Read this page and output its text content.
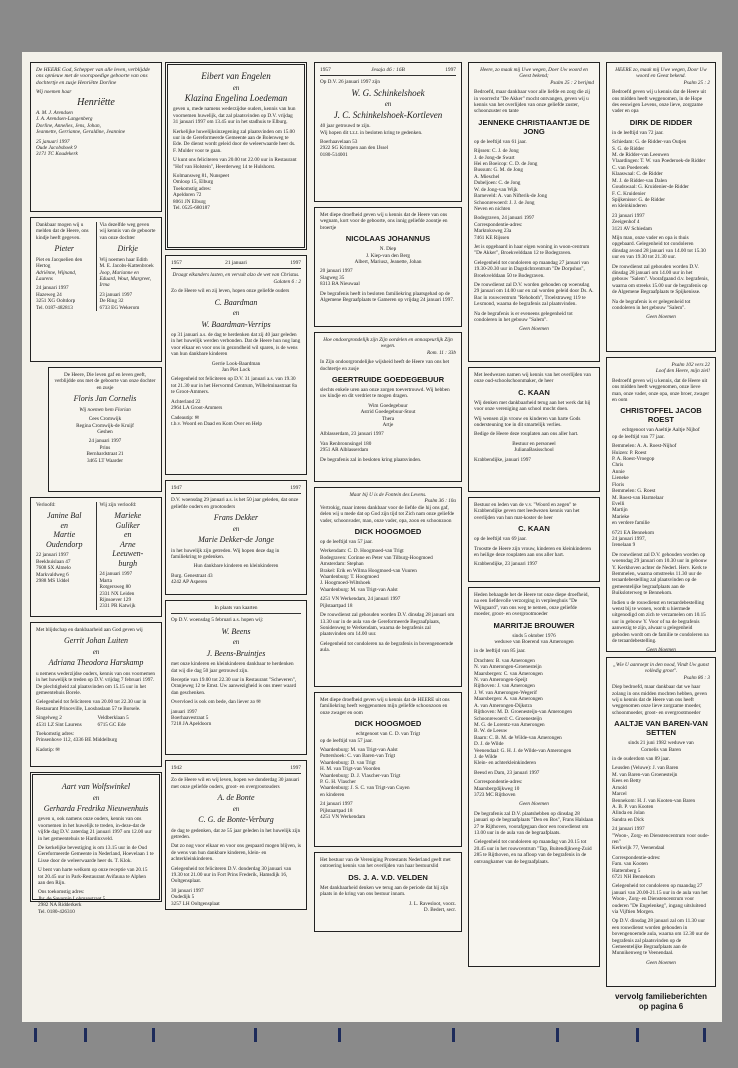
De HEERE God, Schepper van alle leven, verblijdde ons opnieuw met de voorspoedige geboorte van ons dochtertje en zusje Henriëtte Dorline
Wij noemen haar
Henriëtte
A. M. J. Arendsen
J. A. Arendsen-Langenberg
Dorline, Annelies, Jens, Johan,
Jeannette, Gerrianne, Geraldine, Jeannine
25 januari 1997
Oude Jacobshoek 9
3171 TC Koudekerk
Dankbaar mogen wij u melden dat de Heere, ons kindje heeft gegeven.
Pieter
Piet en Jacquelien den Hertog
Adriënne, Wijnand, Laurens
24 januari 1997
Hazeweg 24
3251 XG Ooltdorp
Tel. 0187-482813
Via dezelfde weg geven wij kennis van de geboorte van onze dochter
Dirkje
Wij noemen haar Edith
M. E. Jacobs-Kattenbroek
Joop, Marianne en Eduard, Wout, Margreet, Irma
23 januari 1997
De Ring 32
6733 EG Wekerom
De Heere, Die leven gaf en leven geeft, verblijdde ons met de geboorte van onze dochter en zusje
Floris Jan Cornelis
Wij noemen hem Florian
Cees Cromwijk
Regina Cromwijk-de Kruijf
Geshen
24 januari 1997
Prins
Bernhardstraat 21
3465 LT Waarder
Verloofd:
Janine Bal
en
Martie
Oudendorp
22 januari 1997
Beekhuislaan 47
7608 SX Almelo
Markvaldweg 6
2988 MS Uddel
Wij zijn verloofd:
Marieke
Guliker
en
Arne
Leeuwen-
burgh
24 januari 1997
Marta
Rotgersweg 80
2331 NX Leiden
Rijnsoever 129
2331 PR Katwijk
Met blijdschap en dankbaarheid aan God geven wij
Gerrit Johan Luiten
en
Adriana Theodora Harskamp
u nemens wederzijdse ouders, kennis van ons voornemen in het huwelijk te treden op D.V. vrijdag 7 februari 1997. De plechtigheid zal plaatsvinden om 15.15 uur in het gemeentehuis Borele.
Gelegenheid tot feliciteren van 20.00 tot 22.30 uur in Restaurant Princeville, Loosbaslaan 57 te Borsele.
Singelweg 2
4531 LZ Sint Laurens
Veldberklaan 5
6715 GC Ede
Toekomstig adres:
Prinsenhove 112, 4336 BE Middelburg
Kadotip: ✉
Aart van Wolfswinkel
en
Gerharda Fredrika Nieuwenhuis
geven u, ook namens onze ouders, kennis van ons voornemen in het huwelijk te treden, in-deze-dat de vijfde dag D.V. zaterdag 21 januari 1997 om 12.00 uur in het gemeentehuis te Hardinxveld.
De kerkelijke bevestiging is om 13.15 uur in de Oud Gereformeerde Gemeente in Nederland, Hoevelaan 1 te Lisse door de weleerwaarde heer ds. T. Klok.
U bent van harte welkom op onze receptie van 20.15 tot 20.45 uur in Park-Restaurant Avifauna te Alphen aan den Rijn.
Ons toekomstig adres:
Jhr. de Savornin Lohmanstraat 5
2982 NA Ridderkerk
Tel. 0180-426310
Eibert van Engelen
en
Klazina Engelina Loedeman
geven u, mede namens wederzijdse ouders, kennis van hun voornemen huwelijk, dat zal plaatsvinden op D.V. vrijdag 31 januari 1997 om 13.45 uur in het stadhuis te Elburg.
Kerkelijke huwelijksinzegening zal plaatsvinden om 15.00 uur in de Gereformeerde Gemeente aan de Bolenweg te Ede. De dienst wordt geleid door de weleerwaarde heer ds. F. Mulder voor te gaan.
U kunt ons feliciteren van 20.00 tot 22.00 uur in Restaurant "Hof van Holstein", Heerderweg 14 te Hulshorst.
Kolmansweg 81, Nunspeet
Omloop 15, Elburg
Toekomstig adres:
Apeldoren 72
8061 JN Elburg
Tel. 0525-680187
1957	21 januari	1997
Draagt elkanders lasten, en vervult alzo de wet van Christus.
Galaten 6 : 2
Zo de Heere wil en zij leven, hopen onze geliefde ouders
C. Baardman
en
W. Baardman-Verrips
op 31 januari a.s. de dag te herdenken dat zij 40 jaar geleden in het huwelijk werden verbonden. Dat de Heere hun nog lang voor elkaar en voor ons in gezondheid wil sparen, is de wens van hun dankbare kinderen
Gerrie Look-Baardman
Jan Piet Lock
Gelegenheid tot feliciteren op D.V. 31 januari a.s. van 19.30 tot 21.30 uur in het Hervormd Centrum, Wilhelminastraat 8a te Groot-Ammers.
Achterland 22
2964 LA Groot-Ammers
Cadeautip: ✉
t.b.v. Woord en Daad en Kom Over en Help
1947	1997
D.V. woensdag 29 januari a.s. is het 50 jaar geleden, dat onze geliefde ouders en grootouders
Frans Dekker
en
Marie Dekker-de Jonge
in het huwelijk zijn getreden. Wij hopen deze dag in familiekring te gedenken.
Hun dankbare kinderen en kleinkinderen
Burg. Genestraat 43
4242 AP Asperen
In plaats van kaarten
Op D.V. woensdag 5 februari a.s. hopen wij:
W. Beens
en
J. Beens-Bruintjes
met onze kinderen en kleinkinderen dankbaar te herdenken dat wij die dag 50 jaar getrouwd zijn.
Receptie van 19.00 tot 22.30 uur in Restaurant "Scheveren", Oranjeweg 12 te Emst. Uw aanwezigheid is ons meer waard dan geschenken.
Overvloed is ook om bede, dan liever zo ✉
januari 1997
Boerhaavestraat 5
7218 JA Apeldoorn
1942	1997
Zo de Heere wil en wij leven, hopen we donderdag 30 januari met onze geliefde ouders, groot- en overgrootouders
A. de Bonte
en
C. G. de Bonte-Verburg
de dag te gedenken, dat ze 55 jaar geleden in het huwelijk zijn getreden.
Dat zo nog voor elkaar en voor ons gespaard mogen blijven, is de wens van hun dankbare kinderen, klein- en achterkleinkinderen.
Gelegenheid tot feliciteren D.V. donderdag 30 januari van 19.30 tot 21.00 uur in Fort Prins Frederik, Hamsdijk 16, Ooltgensplaat.
30 januari 1997
Oudedijk 5
3257 LH Ooltgensplaat
1957	Jesaja 46 : 16B	1997
Op D.V. 26 januari 1997 zijn
W. G. Schinkelshoek
en
J. C. Schinkelshoek-Kortleven
40 jaar getrouwd te zijn.
Wij hopen dit t.z.t. in besloten kring te gedenken.
Boerhaavelaan 53
2922 SG Krimpen aan den IJssel
0180-514001
Met diepe droefheid geven wij u kennis dat de Heere van ons wegnam, kort voor de geboorte, ons innig geliefde zoontje en broertje
NICOLAAS JOHANNUS
N. Diep
J. Kiep-van den Berg
Albert, Mariusz, Jeanette, Johan
20 januari 1997
Slagweg 35
8313 BA Nieuwaal
De begrafenis heeft in besloten familiekring plaatsgehad op de Algemene Begraafplaats te Gameren op vrijdag 24 januari 1997.
Hoe ondoorgrondelijk zijn Zijn oordelen en onnaspeurlijk Zijn wegen.
Rom. 11 : 33b
In Zijn ondoorgrondelijke wijsheid heeft de Heere van ons het dochtertje en zusje
GEERTRUIDE GOEDEGEBUUR
slechts enkele uren aan onze zorgen toevertrouwd. Wij hebben uw kindje en dit verdriet te mogen dragen.
Wim Goedegebuur
Astrid Goedegebuur-Stout
Thera
Artje
Alblasserdam, 23 januari 1997
Van Renbronnsingel 180
2951 AR Alblasserdam
De begrafenis zal in besloten kring plaatsvinden.
Maar bij U is de Fontein des Levens.
Psalm 36 : 10a
Vertrokig, maar intens dankbaar voor de liefde die hij ons gaf, delen wij u mede dat op God zijn tijd tot Zich nam onze geliefde vader, schoonvader, man, onze vader, opa, zoon en schoonzoon
DICK HOOGMOED
op de leeftijd van 57 jaar.
Werkendam: C. D. Hoogmoed-van Trigt
Bodegraven: Corinne en Peter van Tilburg-Hoogmoed
Amsterdam: Stephan
Brakel: Erik en Wilma Hoogmoed-van Vuuren
Waardenburg: T. Hoogmoed
J. Hoogmoed-Wiltshoek
Waardenburg: M. van Trigt-van Aalst
4251 VN Werkendam, 24 januari 1997
Pijlstaartpad 18
De rouwdienst zal gehouden worden D.V. dinsdag 28 januari om 13.30 uur in de aula van de Gereformeerde Begraafplaats, Sonidenweg te Werkendam, waarna de begrafenis zal plaatsvinden om 14.00 uur.
Gelegenheid tot condoleren na de begrafenis in bovengenoemde aula.
Met diepe droefheid geven wij u kennis dat de HEERE uit ons familiekring heeft weggenomen mijn geliefde schoonzoon en onze zwager en oom
DICK HOOGMOED
echtgenoot van C. D. van Trigt
op de leeftijd van 57 jaar.
Waardenburg: M. van Trigt-van Aalst
Puttershoek: C. van Baren-van Trigt
Waardenburg: D. van Trigt
H. M. van Trigt-van Voorden
Waardenburg: D. J. Vlascher-van Trigt
P. G. H. Vlascher
Waardenburg: J. S. C. van Trigt-van Cuyen
en kinderen
24 januari 1997
Pijlstaartpad 18
4251 VN Werkendam
Het bestuur van de Vereniging Protestants Nederland geeft met ontroering kennis van het overlijden van haar bestuurslid
DS. J. A. V.D. VELDEN
Met dankbaarheid denken we terug aan de periode dat hij zijn plaats in de kring van ons bestuur innam.
J. L. Ravesloot, voorz.
D. Bedert, secr.
Heere, zo maak mij Uwe wegen, Doer Uw woord en Geest bekend;
Psalm 25 : 2 berijmd
Bedroefd, maar dankbaar voor alle liefde en zorg die zij in voorrecht "De Akker" mocht ontvangen, geven wij u kennis van het overlijden van onze geliefde zuster, schoonzuster en tante
JENNEKE CHRISTIAANTJE DE JONG
op de leeftijd van 61 jaar.
Rijssen: C. J. de Jong
J. de Jong-de Swart
Hei en Boeicop: C. D. de Jong
Bussum: G. M. de Jong
A. Mieschel
Dubeljoen: C. de Jong
W. de Jong-van Wijk
Barneveld: A. van Nifterik-de Jong
Schoonrewoerd: J. J. de Jong
Neven en nichten
Bodegraven, 24 januari 1997
Correspondentie-adres:
Marktoksweg 23a
7461 KE Rijssen
Jet is opgebaard in haar eigen woning in woon-centrum "De Akker", Broekvelddaan 12 te Bodegraven.
Gelegenheid tot condoleren op maandag 27 januari van 19.30-20.30 uur in Dagstichtcentrum "De Dorpshus", Broekvelddaan 50 te Bodegraven.
De rouwdienst zal D.V. worden gehouden op woensdag 29 januari om 14.00 uur en zal worden geleid door Ds. A. Bac in rouwcentrum "Rehoboth", Troelstraweg 119 te Lexmond, waarna de begrafenis zal plaatsvinden.
Na de begrafenis is er eveneens gelegenheid tot condoleren in het gebouw "Salem".
Geen bloemen
Met leedwezen namen wij kennis van het overlijden van onze oud-schoolschoonmaker, de heer
C. KAAN
Wij denken met dankbaarheid terug aan het werk dat hij voor onze vereniging aan school mocht doen.
Wij wensen zijn vrouw en kinderen van harte Gods ondersteuning toe in dit smartelijk verlies.
Bedige de Heere deze rouplaten aan ons aller hart.
Bestuur en personeel
JulianaBasisschool
Krabbendijke, januari 1997
Bestuur en leden van de v.v. "Woord en zegen" te Krabbendijke geven met leedwezen kennis van het overlijden van hun mat-koster de heer
C. KAAN
op de leeftijd van 69 jaar.
Troostte de Heere zijn vrouw, kinderen en kleinkinderen en heilige deze rouplaten aan ons aller hart.
Krabbendijke, 23 januari 1997
Heden behaagde het de Heere tot onze diepe droefheid, na een liefdevolle verzorging in verpleeghuis "De Wijngaard", van ons weg te nemen, onze geliefde moeder, groot- en overgrootmoeder
MARRITJE BROUWER
sinds 5 oktober 1976
weduwe van Boerend van Amerongen
in de leeftijd van 85 jaar.
Drachten: B. van Amerongen
N. van Amerongen-Groenesteijn
Maarsbergen: C. van Amerongen
N. van Amerongen-Speijt
Rijthoven: J. van Amerongen
J. W. van Amerongen-Wegerif
Maarsbergen: A. van Amerongen
A. van Amerongen-Dijkstra
Rijthoven: M. D. Groenesteijn-van Amerongen
Schoonrewoerd: C. Groenesteijn
M. G. de Lorentz-van Amerongen
B. W. de Leeuw
Baarn: C. B. M. de Wilde-van Amerongen
D. J. de Wilde
Veenendaal: G. H. J. de Wilde-van Amerongen
J. de Wilde
Klein- en achterkleinkinderen
Beesd en Dam, 23 januari 1997
Correspondentie-adres:
Maarsbergdijkweg 10
3723 MC Rijthoven
Geen bloemen
De begrafenis zal D.V. plaatshebben op dinsdag 28 januari op de begraafplaats "Den en Bos", Frans Halslaan 27 te Rijthoven, voorafgegaan door een rouwdienst om 13.00 uur in de aula van de begraafplaats.
Gelegenheid tot condoleren op maandag van 20.15 tot 20.45 uur in het rouwcentrum "Tap, Buitendijkweg-Zuid 285 te Rijthoven, en na afloop van de begrafenis in de ontvangkamer van de begraafplaats.
HEERE zo, maak mij Uwe wegen, Door Uw woord en Geest bekend.
Psalm 25 : 2
Bedroefd geven wij u kennis dat de Heere uit ons midden heeft weggenomen, in de Hope des eeuwigen Levens, onze lieve, zorgzame vader en opa
DIRK DE RIDDER
in de leeftijd van 72 jaar.
Schiedam: G. de Ridder-van Outjen
S. G. de Ridder
M. de Ridder-van Leeuwen
Vlaardingen: T. W. van Poederoek-de Ridder
C. van Poederoek
Klaaswaal: C. de Ridder
M. J. de Ridder-van Dalen
Goudswaal: G. Kruidenier-de Ridder
F. C. Kruidenier
Spijkenisse: G. de Ridder
en kleinkinderen
23 januari 1997
Zeeigenhof 4
3121 AV Schiedam
Mijn man, onze vader en opa is thuis opgebaard. Gelegenheid tot condoleren dinsdag avond 28 januari van 14.00 tot 15.30 uur en van 19.30 tot 21.30 uur.
De rouwdienst zal gehouden worden D.V. dinsdag 28 januari om 14.00 uur in het gebouw "Salem". Voorafgaand d.v. begrafenis, waarna om streeks 15.00 uur de begrafenis op de Algemene Begraafplaats te Spijkenisse.
Na de begrafenis is er gelegenheid tot condoleren in het gebouw "Salem".
Geen bloemen
Psalm 102 vers 22
Loof den Heere, mijn ziel!
Bedroefd geven wij u kennis, dat de Heere uit ons midden heeft weggenomen, onze lieve man, onze vader, onze opa, onze broer, zwager en oom
CHRISTOFFEL JACOB ROEST
echtgenoot van Aaeltije Aaltje Nijhof
op de leeftijd van 77 jaar.
Bemmelen: A. A. Roest-Nijhof
Huizen: P. Roest
P. A. Roest-Vroegop
Chris
Annie
Lieneke
Floris
Bemmelen: G. Roest
M. Roest-van Harmelaar
Evelli
Martijn
Marieke
en verdere familie
6721 EA Bennekom
24 januari 1997,
Irenelaan 9
De rouwdienst zal D.V. gehouden worden op woensdag 29 januari om 10.30 uur in gebouw Y. Kerkhoven achter de Nederl. Herv. Kerk te Bemmelen, waarna omstreeks 11.30 uur de teraardebestelling zal plaatsvinden op de gemeentelijke begraafplaats aan de Buiksloterweg te Bennekom.
Indien u de rouwdienst en teraardebestelling wenst bij te wonen, wordt u hiermede uitgenodigd om zich te verzamelen om 10.15 uur in gebouw Y. Voor of na de begrafenis aanwezig te zijn, alwaar u gelegenheid geboden wordt om de familie te condoleren na de teraardebestelling.
Geen bloemen
„Wie U aanroept in den nood, Vindt Uw gunst volledig groot".
Psalm 86 : 3
Diep bedroefd, maar dankbaar dat we haar zolang in ons midden mochten hebben, geven wij u kennis dat de Heere van ons heeft weggenomen onze lieve zorgzame moeder, schoonmoeder, groot- en overgrootmoeder
AALTJE VAN BAREN-VAN SETTEN
sinds 21 juni 1982 weduwe van
Cornelis van Baren
in de ouderdom van 89 jaar.
Leusden (Veluwe): J. van Baren
M. van Baren-van Groenesteijn
Kees en Betty
Arnold
Marcel
Bennekom: H. J. van Kooten-van Baren
A. B. P. van Kooten
Alinda en Jolan
Sandra en Dick
24 januari 1997
"Woon-, Zorg- en Dienstencentrum voor oude-ren"
Kerkwijk 77, Veenendaal
Correspondentie-adres:
Fam. van Kooten
Hattemberg 5
6721 NH Bennekom
Gelegenheid tot condoleren op maandag 27 januari van 20.00-21.15 uur in de aula van het Woon-, Zorg- en Dienstencentrum voor ouderen "De Engelenkeg", ingang uitsluitend via Vijftien Morgen.
Op D.V. dinsdag 28 januari zal om 11.30 uur een rouwdienst worden gehouden in bovengenoemde aula, waarna om 12.30 uur de begrafenis zal plaatsvinden op de Gemeentelijke Begraafplaats aan de Munnikenweg te Veenendaal.
Geen bloemen
vervolg familieberichten
op pagina 6
